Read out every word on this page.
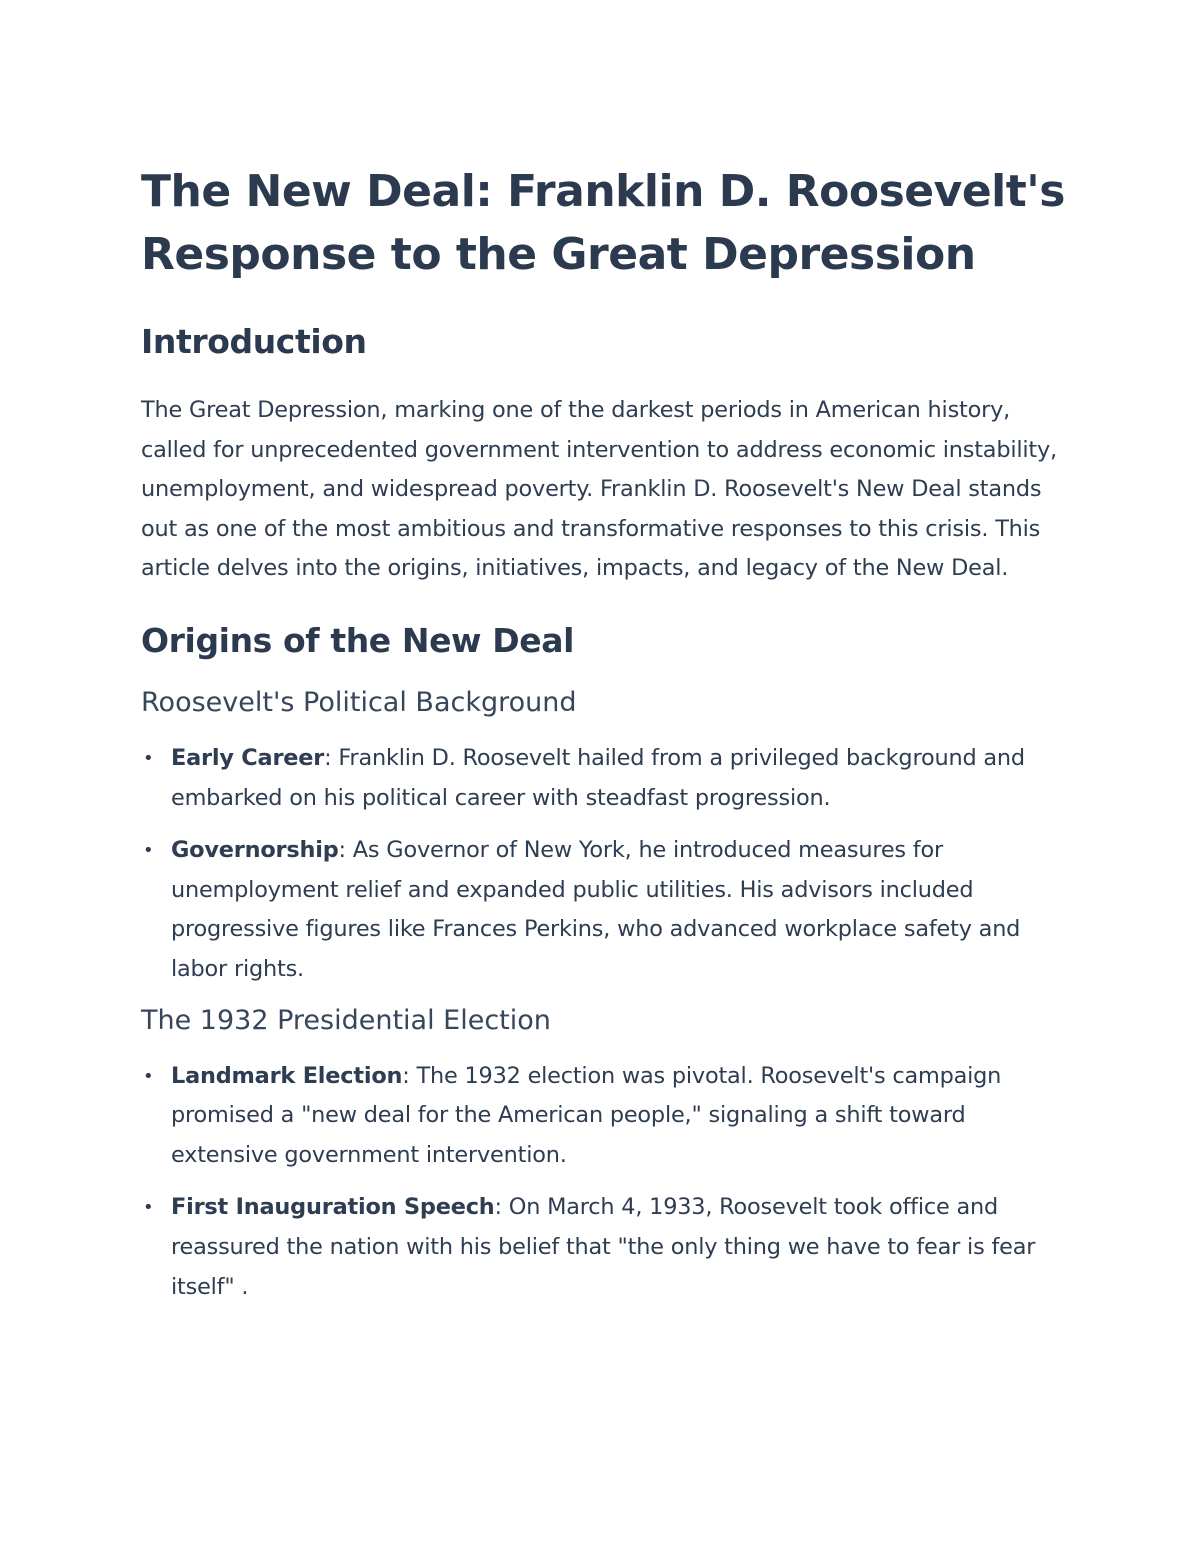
The New Deal: Franklin D. Roosevelt's
Response to the Great Depression
Introduction

The Great Depression, marking one of the darkest periods in American history, called for unprecedented government intervention to address economic instability, unemployment, and widespread poverty. Franklin D. Roosevelt's New Deal stands out as one of the most ambitious and transformative responses to this crisis. This article delves into the origins, initiatives, impacts, and legacy of the New Deal.

Origins of the New Deal
Roosevelt's Political Background
• Early Career: Franklin D. Roosevelt hailed from a privileged background and embarked on his political career with steadfast progression.
• Governorship: As Governor of New York, he introduced measures for unemployment relief and expanded public utilities. His advisors included progressive figures like Frances Perkins, who advanced workplace safety and labor rights.
The 1932 Presidential Election
• Landmark Election: The 1932 election was pivotal. Roosevelt's campaign promised a "new deal for the American people," signaling a shift toward extensive government intervention.
• First Inauguration Speech: On March 4, 1933, Roosevelt took office and reassured the nation with his belief that "the only thing we have to fear is fear itself" .
